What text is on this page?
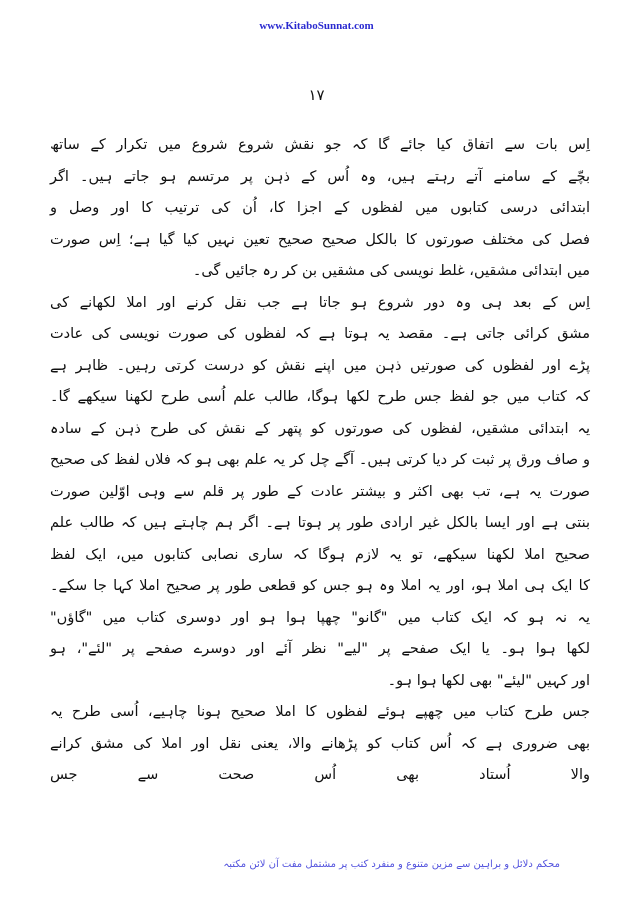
www.KitaboSunnat.com
۱۷
اِس بات سے اتفاق کیا جائے گا کہ جو نقش شروع شروع میں تکرار کے ساتھ
بچّے کے سامنے آتے رہتے ہیں، وہ اُس کے ذہن پر مرتسم ہو جاتے ہیں۔ اگر
ابتدائی درسی کتابوں میں لفظوں کے اجزا کا، اُن کی ترتیب کا اور وصل و
فصل کی مختلف صورتوں کا بالکل صحیح صحیح تعین نہیں کیا گیا ہے؛ اِس صورت
میں ابتدائی مشقیں، غلط نویسی کی مشقیں بن کر رہ جائیں گی۔
اِس کے بعد ہی وہ دور شروع ہو جاتا ہے جب نقل کرنے اور املا لکھانے کی
مشق کرائی جاتی ہے۔ مقصد یہ ہوتا ہے کہ لفظوں کی صورت نویسی کی عادت
پڑے اور لفظوں کی صورتیں ذہن میں اپنے نقش کو درست کرتی رہیں۔ ظاہر ہے
کہ کتاب میں جو لفظ جس طرح لکھا ہوگا، طالب علم اُسی طرح لکھنا سیکھے گا۔
یہ ابتدائی مشقیں، لفظوں کی صورتوں کو پتھر کے نقش کی طرح ذہن کے سادہ
و صاف ورق پر ثبت کر دیا کرتی ہیں۔ آگے چل کر یہ علم بھی ہو کہ فلاں لفظ کی صحیح
صورت یہ ہے، تب بھی اکثر و بیشتر عادت کے طور پر قلم سے وہی اوّلین صورت
بنتی ہے اور ایسا بالکل غیر ارادی طور پر ہوتا ہے۔ اگر ہم چاہتے ہیں کہ طالب علم
صحیح املا لکھنا سیکھے، تو یہ لازم ہوگا کہ ساری نصابی کتابوں میں، ایک لفظ
کا ایک ہی املا ہو، اور یہ املا وہ ہو جس کو قطعی طور پر صحیح املا کہا جا سکے۔
یہ نہ ہو کہ ایک کتاب میں "گانو" چھپا ہوا ہو اور دوسری کتاب میں "گاؤں"
لکھا ہوا ہو۔ یا ایک صفحے پر "لیے" نظر آئے اور دوسرے صفحے پر "لئے"، ہو
اور کہیں "لیئے" بھی لکھا ہوا ہو۔
جس طرح کتاب میں چھپے ہوئے لفظوں کا املا صحیح ہونا چاہیے، اُسی طرح یہ
بھی ضروری ہے کہ اُس کتاب کو پڑھانے والا، یعنی نقل اور املا کی مشق کرانے
والا اُستاد بھی اُس صحت سے جس
محکم دلائل و براہین سے مزین متنوع و منفرد کتب پر مشتمل مفت آن لائن مکتبہ
